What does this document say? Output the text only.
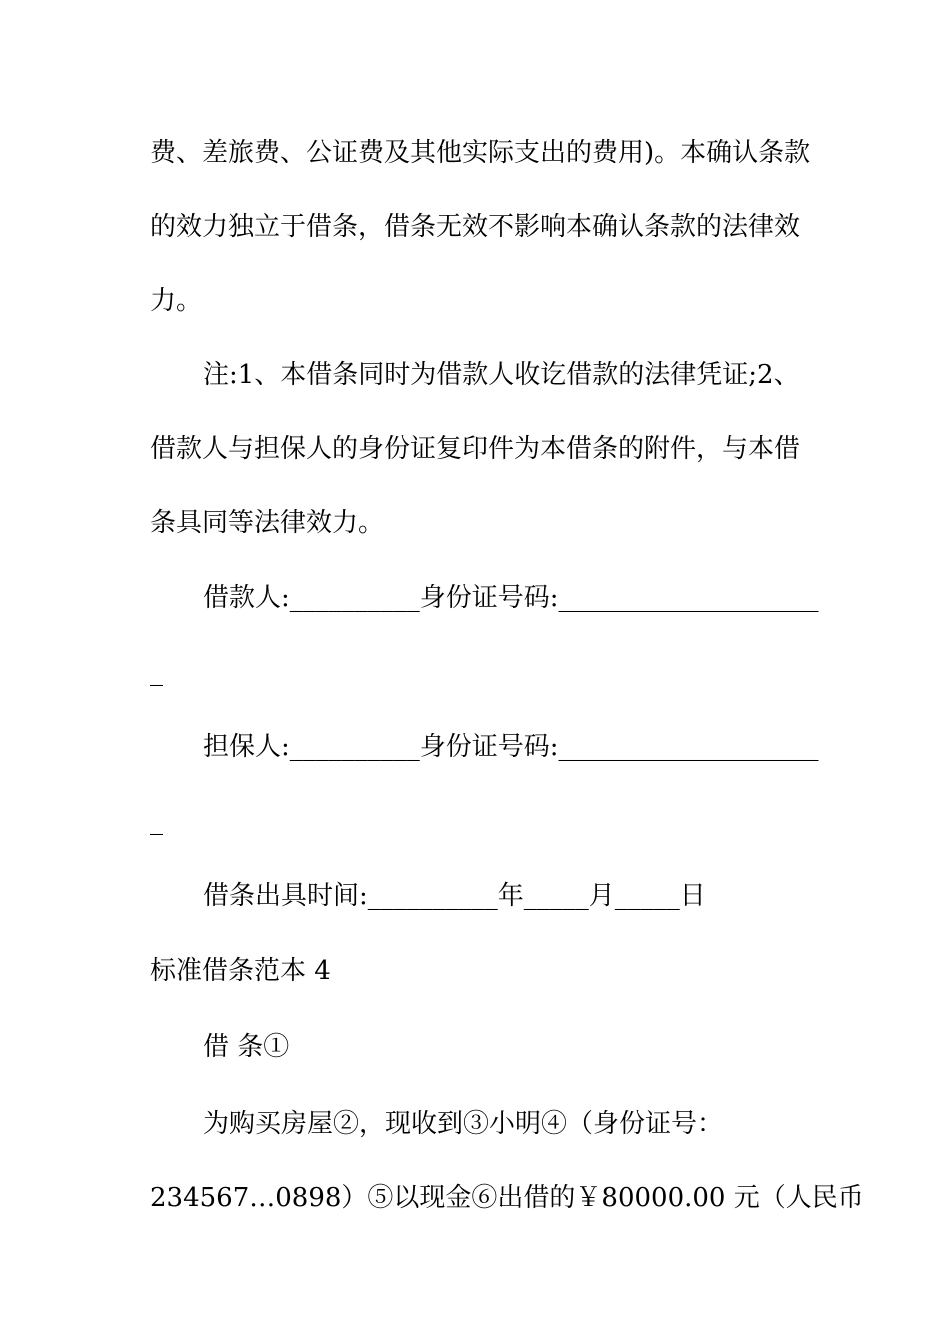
费、差旅费、公证费及其他实际支出的费用)。本确认条款
的效力独立于借条，借条无效不影响本确认条款的法律效
力。
注:1、本借条同时为借款人收讫借款的法律凭证;2、
借款人与担保人的身份证复印件为本借条的附件，与本借
条具同等法律效力。
借款人:__________身份证号码:____________________
_
担保人:__________身份证号码:____________________
_
借条出具时间:__________年_____月_____日
标准借条范本 4
借 条①
为购买房屋②，现收到③小明④（身份证号：
234567…0898）⑤以现金⑥出借的￥80000.00 元（人民币
